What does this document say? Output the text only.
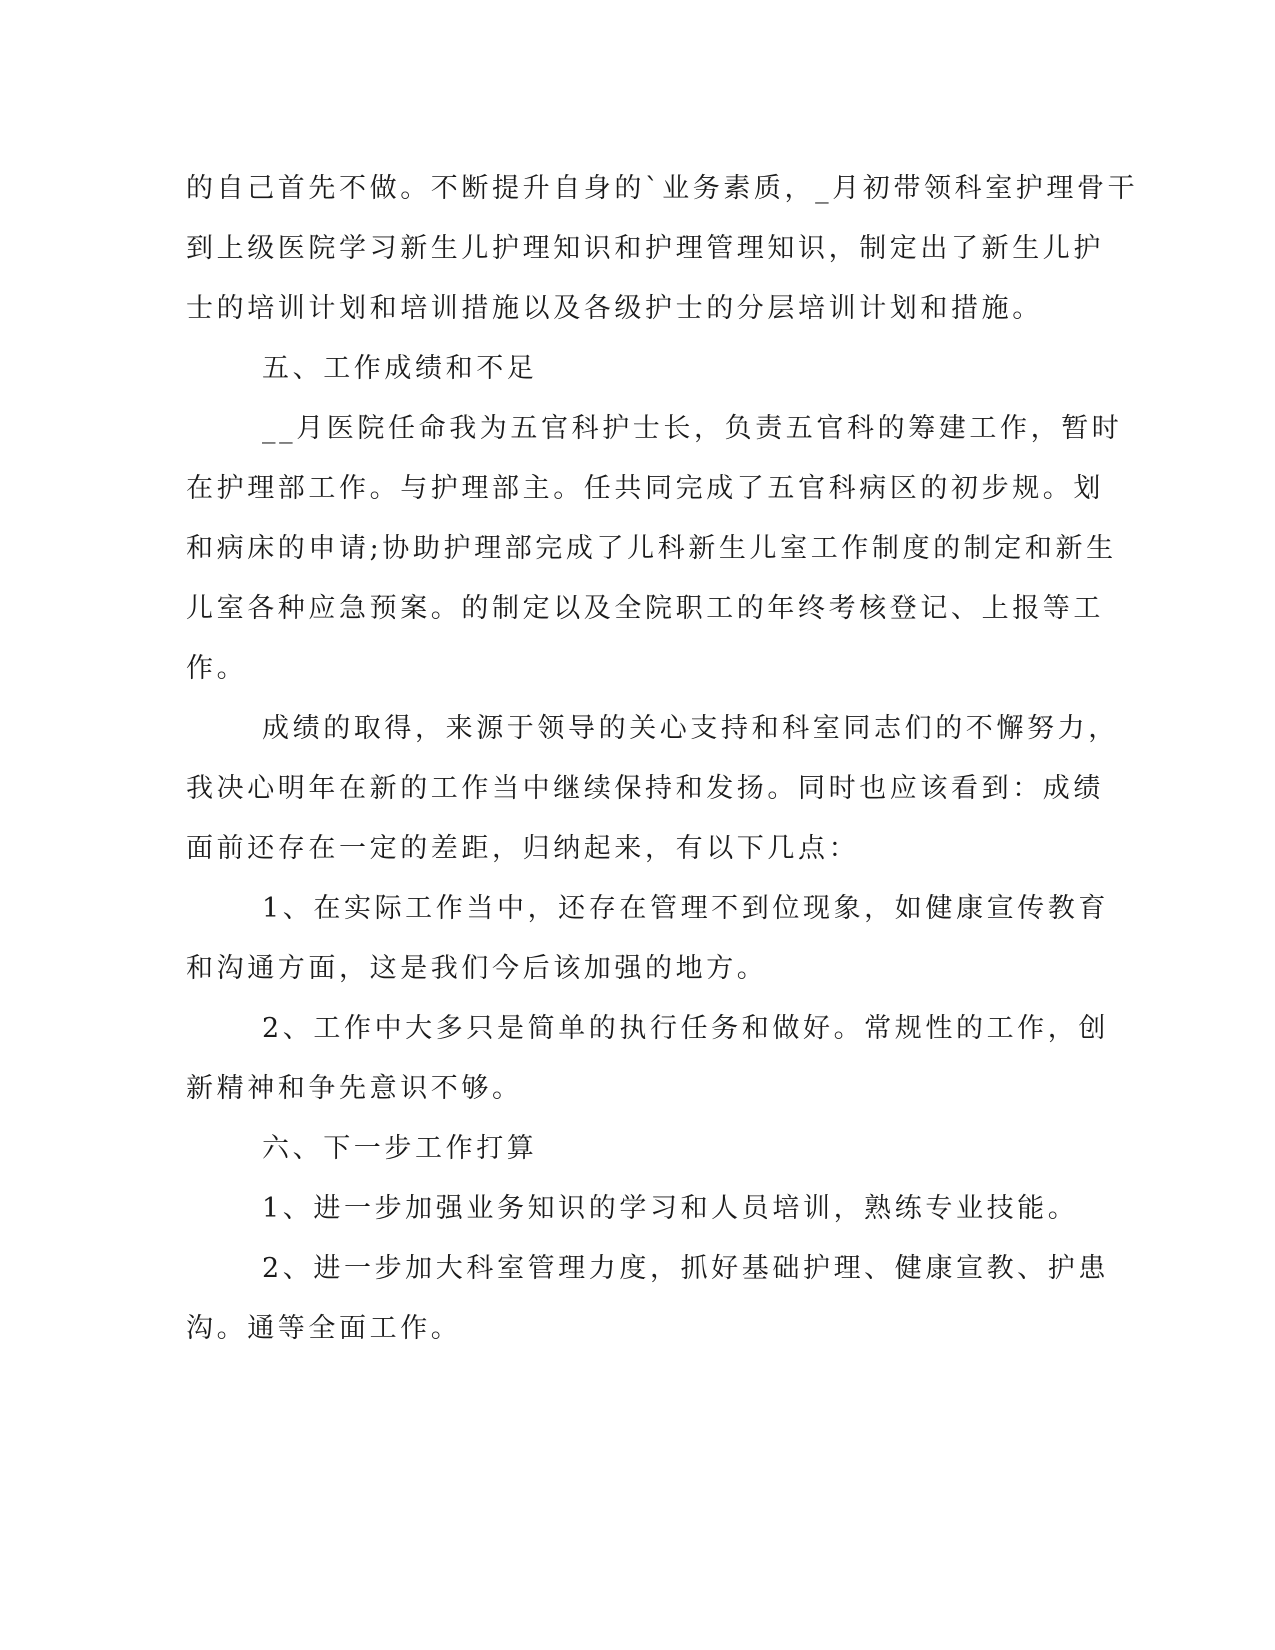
的自己首先不做。不断提升自身的`业务素质，_月初带领科室护理骨干
到上级医院学习新生儿护理知识和护理管理知识，制定出了新生儿护
士的培训计划和培训措施以及各级护士的分层培训计划和措施。
五、工作成绩和不足
__月医院任命我为五官科护士长，负责五官科的筹建工作，暂时
在护理部工作。与护理部主。任共同完成了五官科病区的初步规。划
和病床的申请;协助护理部完成了儿科新生儿室工作制度的制定和新生
儿室各种应急预案。的制定以及全院职工的年终考核登记、上报等工
作。
成绩的取得，来源于领导的关心支持和科室同志们的不懈努力，
我决心明年在新的工作当中继续保持和发扬。同时也应该看到：成绩
面前还存在一定的差距，归纳起来，有以下几点：
1、在实际工作当中，还存在管理不到位现象，如健康宣传教育
和沟通方面，这是我们今后该加强的地方。
2、工作中大多只是简单的执行任务和做好。常规性的工作，创
新精神和争先意识不够。
六、下一步工作打算
1、进一步加强业务知识的学习和人员培训，熟练专业技能。
2、进一步加大科室管理力度，抓好基础护理、健康宣教、护患
沟。通等全面工作。
